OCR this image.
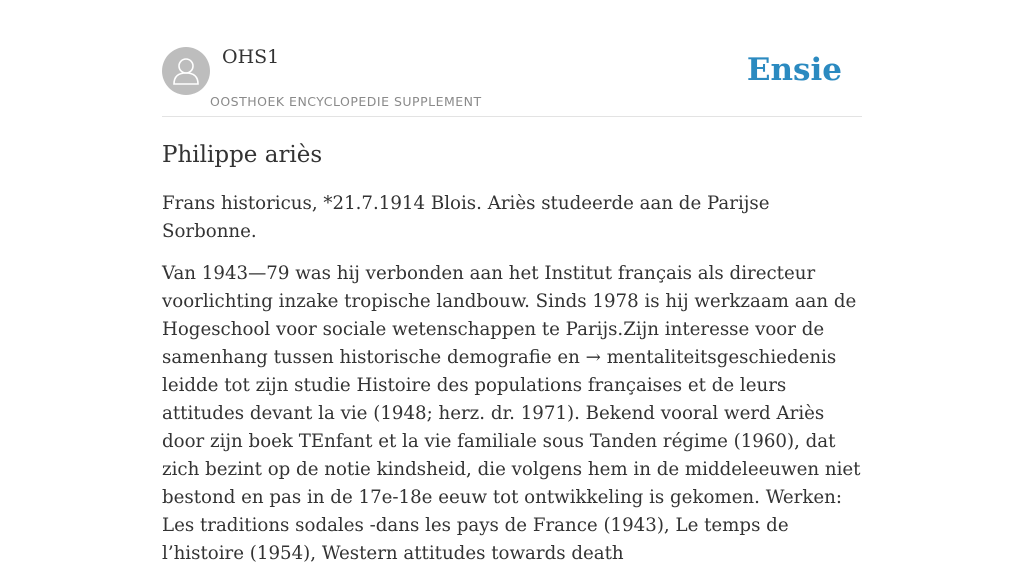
OHS1
OOSTHOEK ENCYCLOPEDIE SUPPLEMENT
Ensie
Philippe ariès

Frans historicus, *21.7.1914 Blois. Ariès studeerde aan de Parijse Sorbonne.

Van 1943—79 was hij verbonden aan het Institut français als directeur voorlichting inzake tropische landbouw. Sinds 1978 is hij werkzaam aan de Hogeschool voor sociale wetenschappen te Parijs.Zijn interesse voor de samenhang tussen historische demografie en → mentaliteitsgeschiedenis leidde tot zijn studie Histoire des populations françaises et de leurs attitudes devant la vie (1948; herz. dr. 1971). Bekend vooral werd Ariès door zijn boek TEnfant et la vie familiale sous Tanden régime (1960), dat zich bezint op de notie kindsheid, die volgens hem in de middeleeuwen niet bestond en pas in de 17e-18e eeuw tot ontwikkeling is gekomen. Werken: Les traditions sodales -dans les pays de France (1943), Le temps de l’histoire (1954), Western attitudes towards death
